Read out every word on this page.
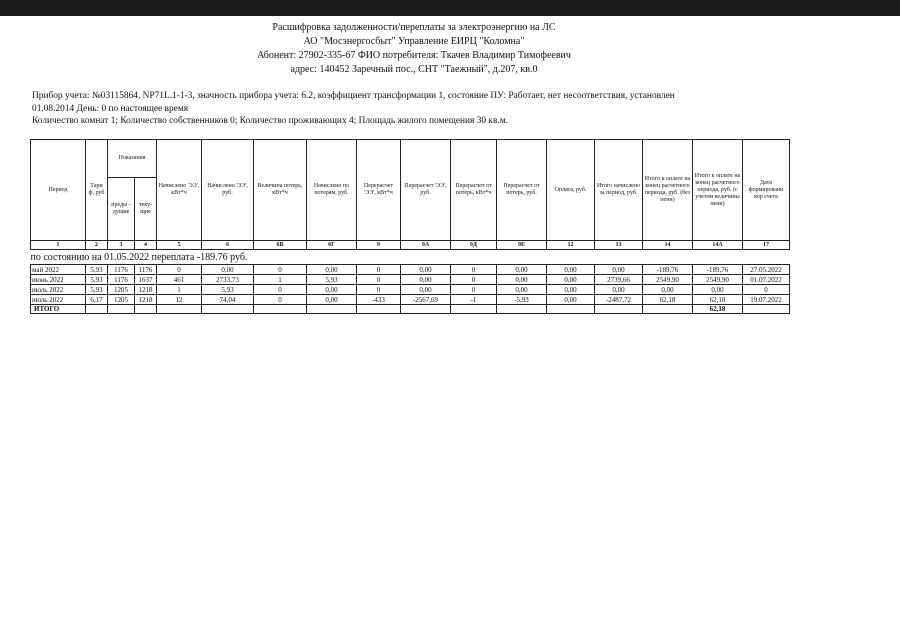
Расшифровка задолженности/переплаты за электроэнергию на ЛС
АО "Мосэнергосбыт" Управление ЕИРЦ "Коломна"
Абонент: 27902-335-67 ФИО потребителя: Ткачев Владимир Тимофеевич
адрес: 140452 Заречный пос., СНТ "Таежный", д.207, кв.0
Прибор учета: №03115864, NP71L.1-1-3, значность прибора учета: 6.2, коэффициент трансформации 1, состояние ПУ: Работает, нет несоответствия, установлен
01.08.2014 День: 0 по настоящее время
Количество комнат 1; Количество собственников 0; Количество проживающих 4; Площадь жилого помещения 30 кв.м.
Период	Тари ф, руб	Показания		Начислено 'ЭЭ', кВт*ч	Начислено 'ЭЭ', руб.	Величина потерь, кВт*ч	Начислено по потерям, руб.	Перерасчет 'ЭЭ', кВт*ч	Перерасчет 'ЭЭ', руб.	Перерасчет от потерь, кВт*ч	Перерасчет от потерь, руб.	Оплата, руб.	Итого начислено за период, руб.	Итого к оплате на конец расчетного периода, руб. (без пени)	Итого к оплате на конец расчетного периода, руб. (с учетом величины пени)	Дата формировани кор счета
		преды - дущие	теку- щие													
1	2	3	4	5	6	6В	6Г	9	9А	9Д	9Е	12	13	14	14А	17
по состоянию на 01.05.2022 переплата -189.76 руб.																
май 2022	5,93	1176	1176	0	0,00	0	0,00	0	0,00	0	0,00	0,00	0,00	-189,76	-189,76	27.05.2022
июнь 2022	5,93	1176	1637	461	2733,73	1	5,93	0	0,00	0	0,00	0,00	2739,66	2549,90	2549,90	01.07.2022
июль 2022	5,93	1205	1218	1	5,93	0	0,00	0	0,00	0	0,00	0,00	0,00	0,00	0,00	0
июль 2022	6,17	1205	1218	12	74,04	0	0,00	-433	-2567,69	-1	-5,93	0,00	-2487,72	62,18	62,18	19.07.2022
ИТОГО															62,18	
